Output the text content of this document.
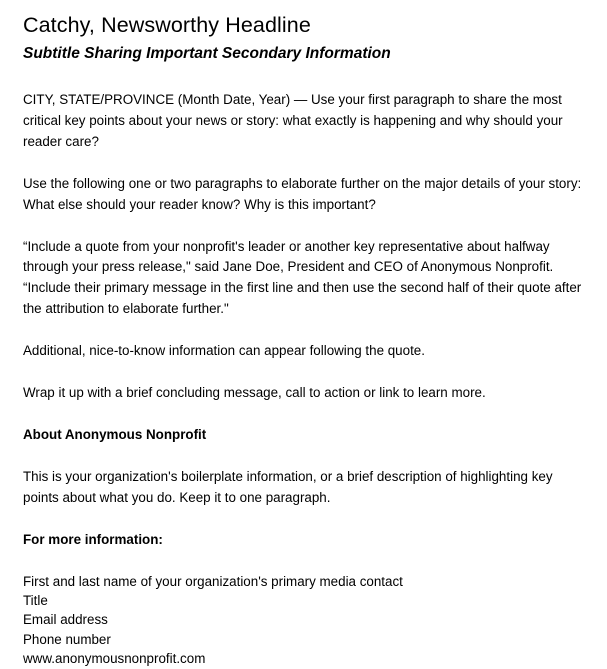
Catchy, Newsworthy Headline
Subtitle Sharing Important Secondary Information

CITY, STATE/PROVINCE (Month Date, Year) — Use your first paragraph to share the most critical key points about your news or story: what exactly is happening and why should your reader care?

Use the following one or two paragraphs to elaborate further on the major details of your story: What else should your reader know? Why is this important?

“Include a quote from your nonprofit's leader or another key representative about halfway through your press release," said Jane Doe, President and CEO of Anonymous Nonprofit. “Include their primary message in the first line and then use the second half of their quote after the attribution to elaborate further."

Additional, nice-to-know information can appear following the quote.

Wrap it up with a brief concluding message, call to action or link to learn more.

About Anonymous Nonprofit

This is your organization's boilerplate information, or a brief description of highlighting key points about what you do. Keep it to one paragraph.

For more information:
First and last name of your organization's primary media contact
Title
Email address
Phone number
www.anonymousnonprofit.com
